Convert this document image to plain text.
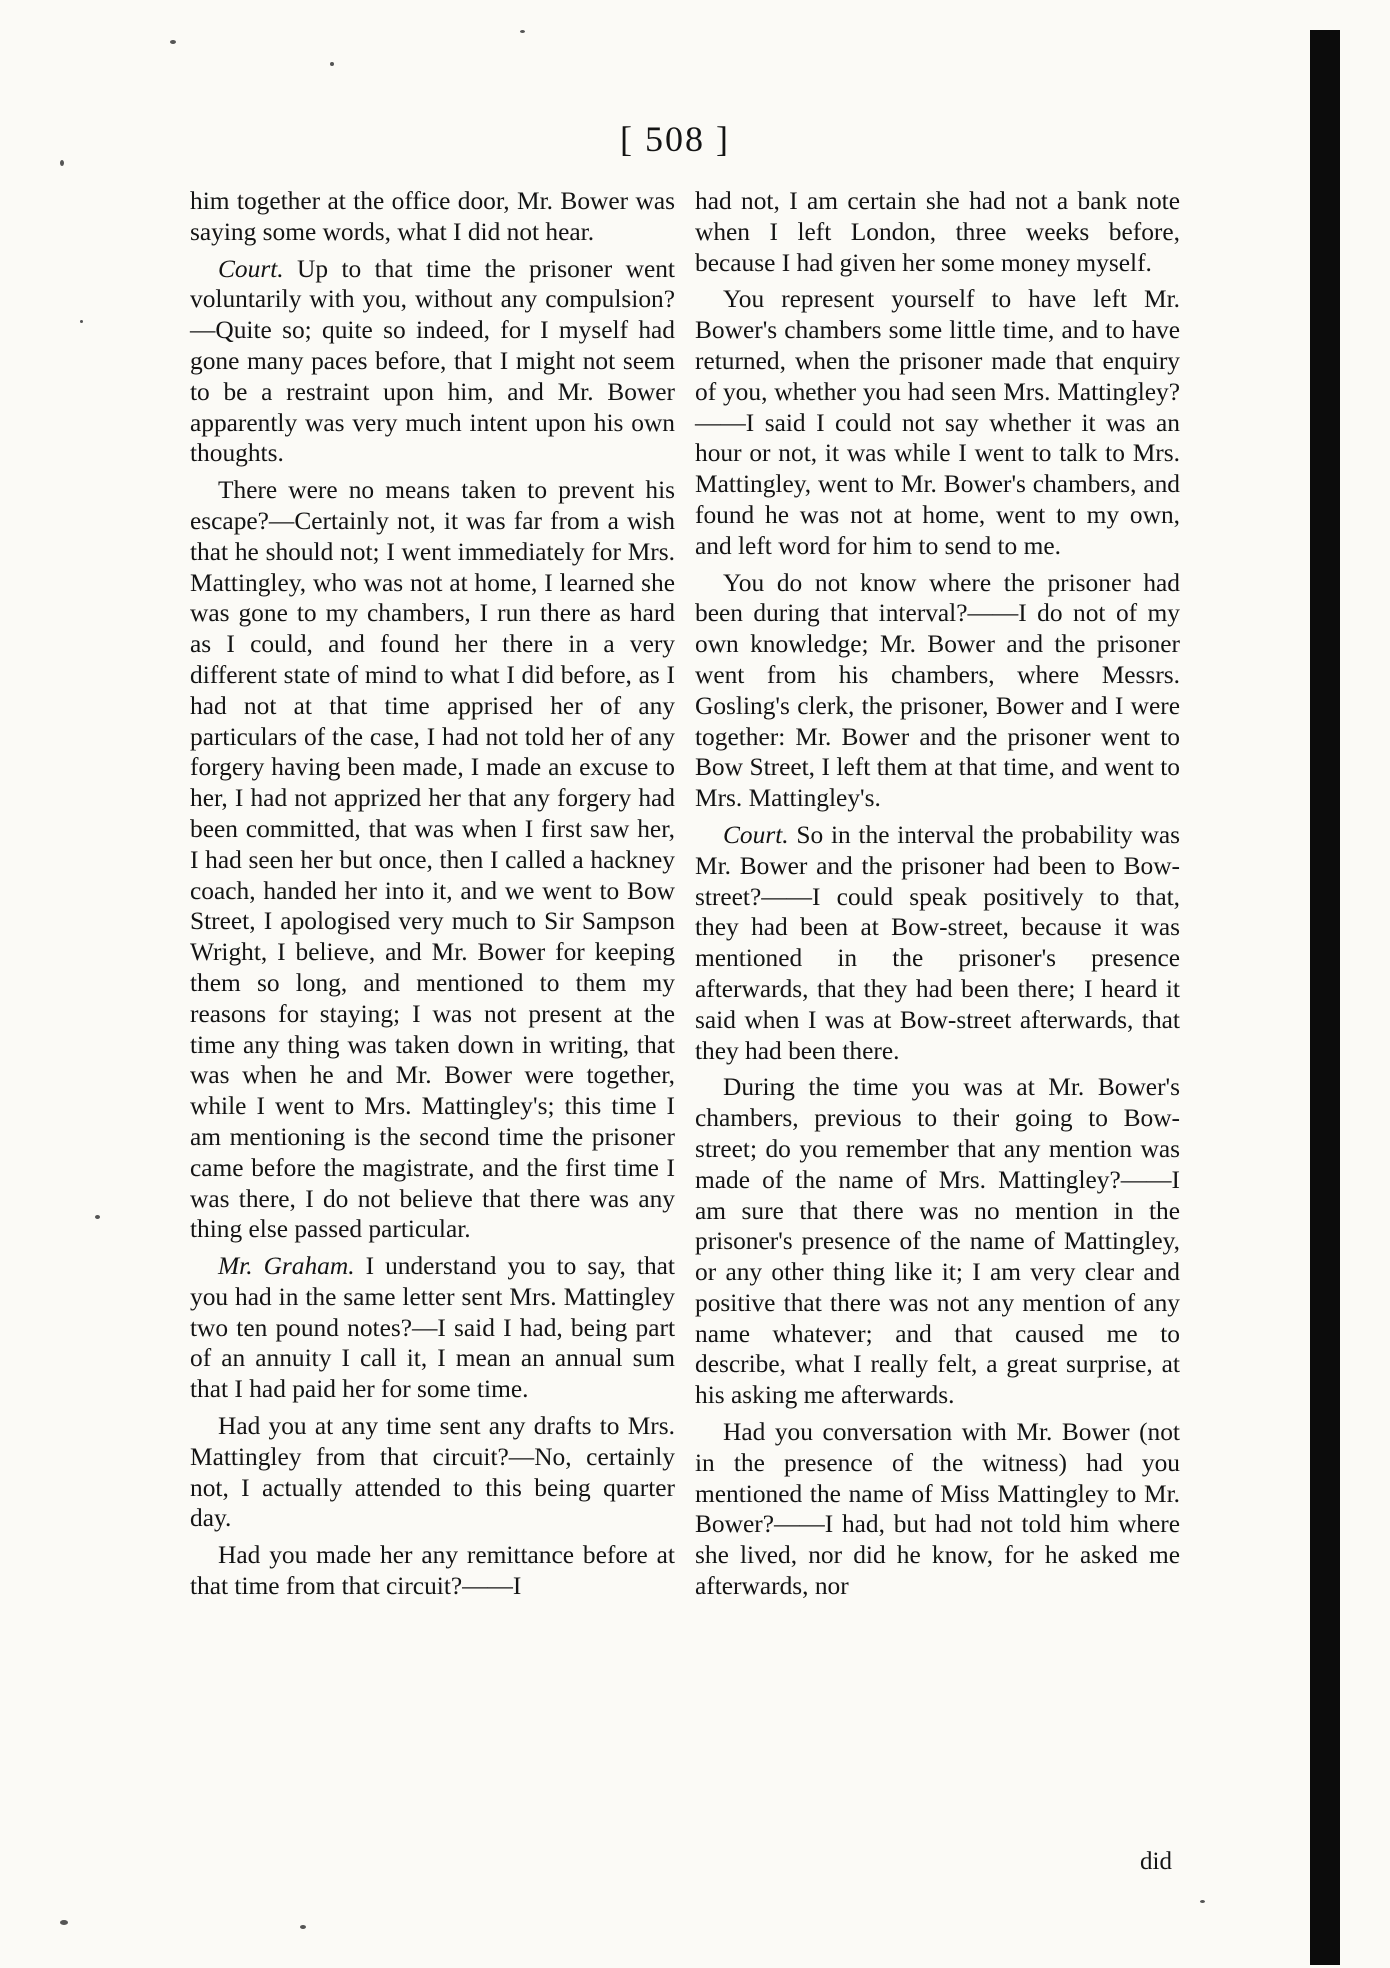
[ 508 ]

him together at the office door, Mr. Bower was saying some words, what I did not hear.

Court. Up to that time the prisoner went voluntarily with you, without any compulsion?—Quite so; quite so indeed, for I myself had gone many paces before, that I might not seem to be a restraint upon him, and Mr. Bower apparently was very much intent upon his own thoughts.

There were no means taken to prevent his escape?—Certainly not, it was far from a wish that he should not; I went immediately for Mrs. Mattingley, who was not at home, I learned she was gone to my chambers, I run there as hard as I could, and found her there in a very different state of mind to what I did before, as I had not at that time apprised her of any particulars of the case, I had not told her of any forgery having been made, I made an excuse to her, I had not apprized her that any forgery had been committed, that was when I first saw her, I had seen her but once, then I called a hackney coach, handed her into it, and we went to Bow Street, I apologised very much to Sir Sampson Wright, I believe, and Mr. Bower for keeping them so long, and mentioned to them my reasons for staying; I was not present at the time any thing was taken down in writing, that was when he and Mr. Bower were together, while I went to Mrs. Mattingley's; this time I am mentioning is the second time the prisoner came before the magistrate, and the first time I was there, I do not believe that there was any thing else passed particular.

Mr. Graham. I understand you to say, that you had in the same letter sent Mrs. Mattingley two ten pound notes?—I said I had, being part of an annuity I call it, I mean an annual sum that I had paid her for some time.

Had you at any time sent any drafts to Mrs. Mattingley from that circuit?—No, certainly not, I actually attended to this being quarter day.

Had you made her any remittance before at that time from that circuit?——I

had not, I am certain she had not a bank note when I left London, three weeks before, because I had given her some money myself.

You represent yourself to have left Mr. Bower's chambers some little time, and to have returned, when the prisoner made that enquiry of you, whether you had seen Mrs. Mattingley?——I said I could not say whether it was an hour or not, it was while I went to talk to Mrs. Mattingley, went to Mr. Bower's chambers, and found he was not at home, went to my own, and left word for him to send to me.

You do not know where the prisoner had been during that interval?——I do not of my own knowledge; Mr. Bower and the prisoner went from his chambers, where Messrs. Gosling's clerk, the prisoner, Bower and I were together: Mr. Bower and the prisoner went to Bow Street, I left them at that time, and went to Mrs. Mattingley's.

Court. So in the interval the probability was Mr. Bower and the prisoner had been to Bow-street?——I could speak positively to that, they had been at Bow-street, because it was mentioned in the prisoner's presence afterwards, that they had been there; I heard it said when I was at Bow-street afterwards, that they had been there.

During the time you was at Mr. Bower's chambers, previous to their going to Bow-street; do you remember that any mention was made of the name of Mrs. Mattingley?——I am sure that there was no mention in the prisoner's presence of the name of Mattingley, or any other thing like it; I am very clear and positive that there was not any mention of any name whatever; and that caused me to describe, what I really felt, a great surprise, at his asking me afterwards.

Had you conversation with Mr. Bower (not in the presence of the witness) had you mentioned the name of Miss Mattingley to Mr. Bower?——I had, but had not told him where she lived, nor did he know, for he asked me afterwards, nor

did
